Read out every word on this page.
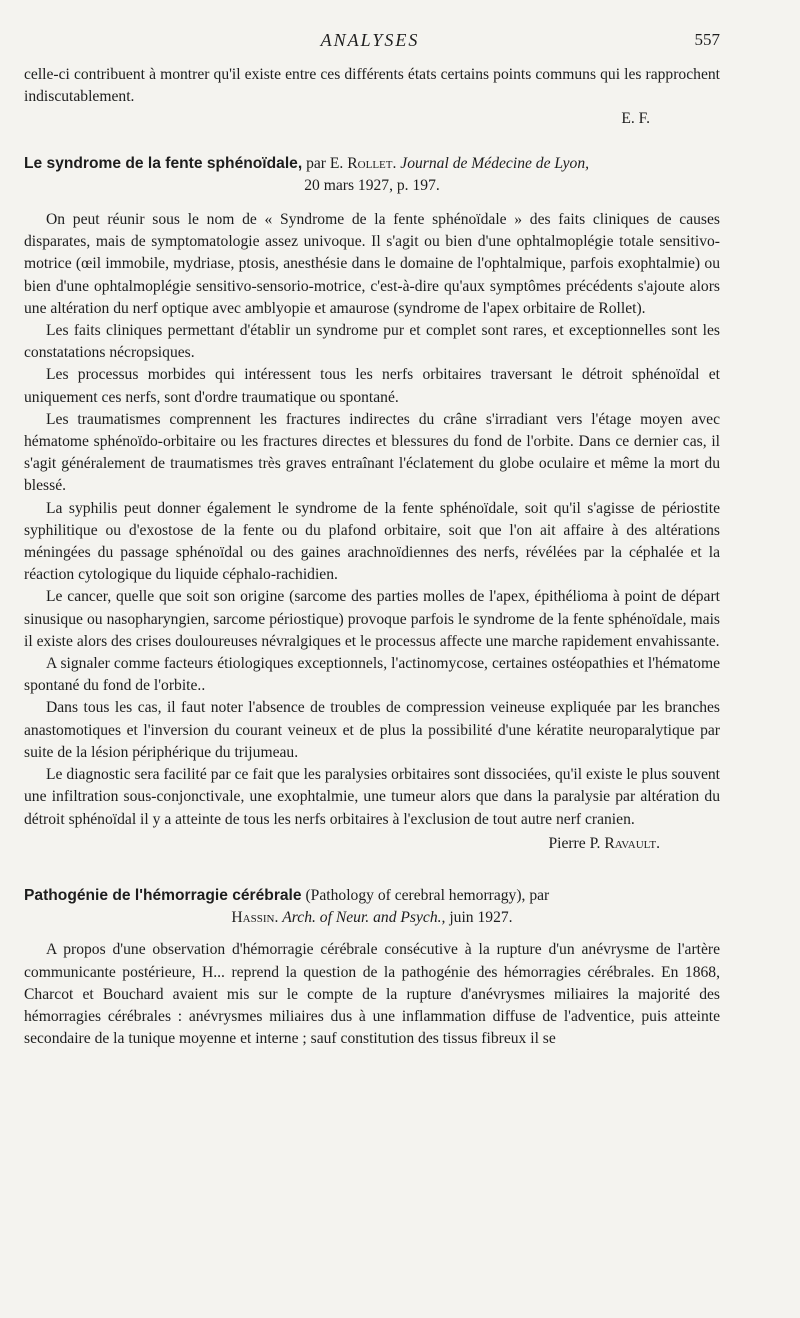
ANALYSES	557

celle-ci contribuent à montrer qu'il existe entre ces différents états certains points communs qui les rapprochent indiscutablement.

E. F.
Le syndrome de la fente sphénoïdale, par E. Rollet. Journal de Médecine de Lyon,
20 mars 1927, p. 197.

On peut réunir sous le nom de « Syndrome de la fente sphénoïdale » des faits cliniques de causes disparates, mais de symptomatologie assez univoque. Il s'agit ou bien d'une ophtalmoplégie totale sensitivo-motrice (œil immobile, mydriase, ptosis, anesthésie dans le domaine de l'ophtalmique, parfois exophtalmie) ou bien d'une ophtalmoplégie sensitivo-sensorio-motrice, c'est-à-dire qu'aux symptômes précédents s'ajoute alors une altération du nerf optique avec amblyopie et amaurose (syndrome de l'apex orbitaire de Rollet).

Les faits cliniques permettant d'établir un syndrome pur et complet sont rares, et exceptionnelles sont les constatations nécropsiques.

Les processus morbides qui intéressent tous les nerfs orbitaires traversant le détroit sphénoïdal et uniquement ces nerfs, sont d'ordre traumatique ou spontané.

Les traumatismes comprennent les fractures indirectes du crâne s'irradiant vers l'étage moyen avec hématome sphénoïdo-orbitaire ou les fractures directes et blessures du fond de l'orbite. Dans ce dernier cas, il s'agit généralement de traumatismes très graves entraînant l'éclatement du globe oculaire et même la mort du blessé.

La syphilis peut donner également le syndrome de la fente sphénoïdale, soit qu'il s'agisse de périostite syphilitique ou d'exostose de la fente ou du plafond orbitaire, soit que l'on ait affaire à des altérations méningées du passage sphénoïdal ou des gaines arachnoïdiennes des nerfs, révélées par la céphalée et la réaction cytologique du liquide céphalo-rachidien.

Le cancer, quelle que soit son origine (sarcome des parties molles de l'apex, épithélioma à point de départ sinusique ou nasopharyngien, sarcome périostique) provoque parfois le syndrome de la fente sphénoïdale, mais il existe alors des crises douloureuses névralgiques et le processus affecte une marche rapidement envahissante.

A signaler comme facteurs étiologiques exceptionnels, l'actinomycose, certaines ostéopathies et l'hématome spontané du fond de l'orbite..

Dans tous les cas, il faut noter l'absence de troubles de compression veineuse expliquée par les branches anastomotiques et l'inversion du courant veineux et de plus la possibilité d'une kératite neuroparalytique par suite de la lésion périphérique du trijumeau.

Le diagnostic sera facilité par ce fait que les paralysies orbitaires sont dissociées, qu'il existe le plus souvent une infiltration sous-conjonctivale, une exophtalmie, une tumeur alors que dans la paralysie par altération du détroit sphénoïdal il y a atteinte de tous les nerfs orbitaires à l'exclusion de tout autre nerf cranien.

Pierre P. Ravault.
Pathogénie de l'hémorragie cérébrale (Pathology of cerebral hemorragy), par
Hassin. Arch. of Neur. and Psych., juin 1927.

A propos d'une observation d'hémorragie cérébrale consécutive à la rupture d'un anévrysme de l'artère communicante postérieure, H... reprend la question de la pathogénie des hémorragies cérébrales. En 1868, Charcot et Bouchard avaient mis sur le compte de la rupture d'anévrysmes miliaires la majorité des hémorragies cérébrales : anévrysmes miliaires dus à une inflammation diffuse de l'adventice, puis atteinte secondaire de la tunique moyenne et interne ; sauf constitution des tissus fibreux il se
